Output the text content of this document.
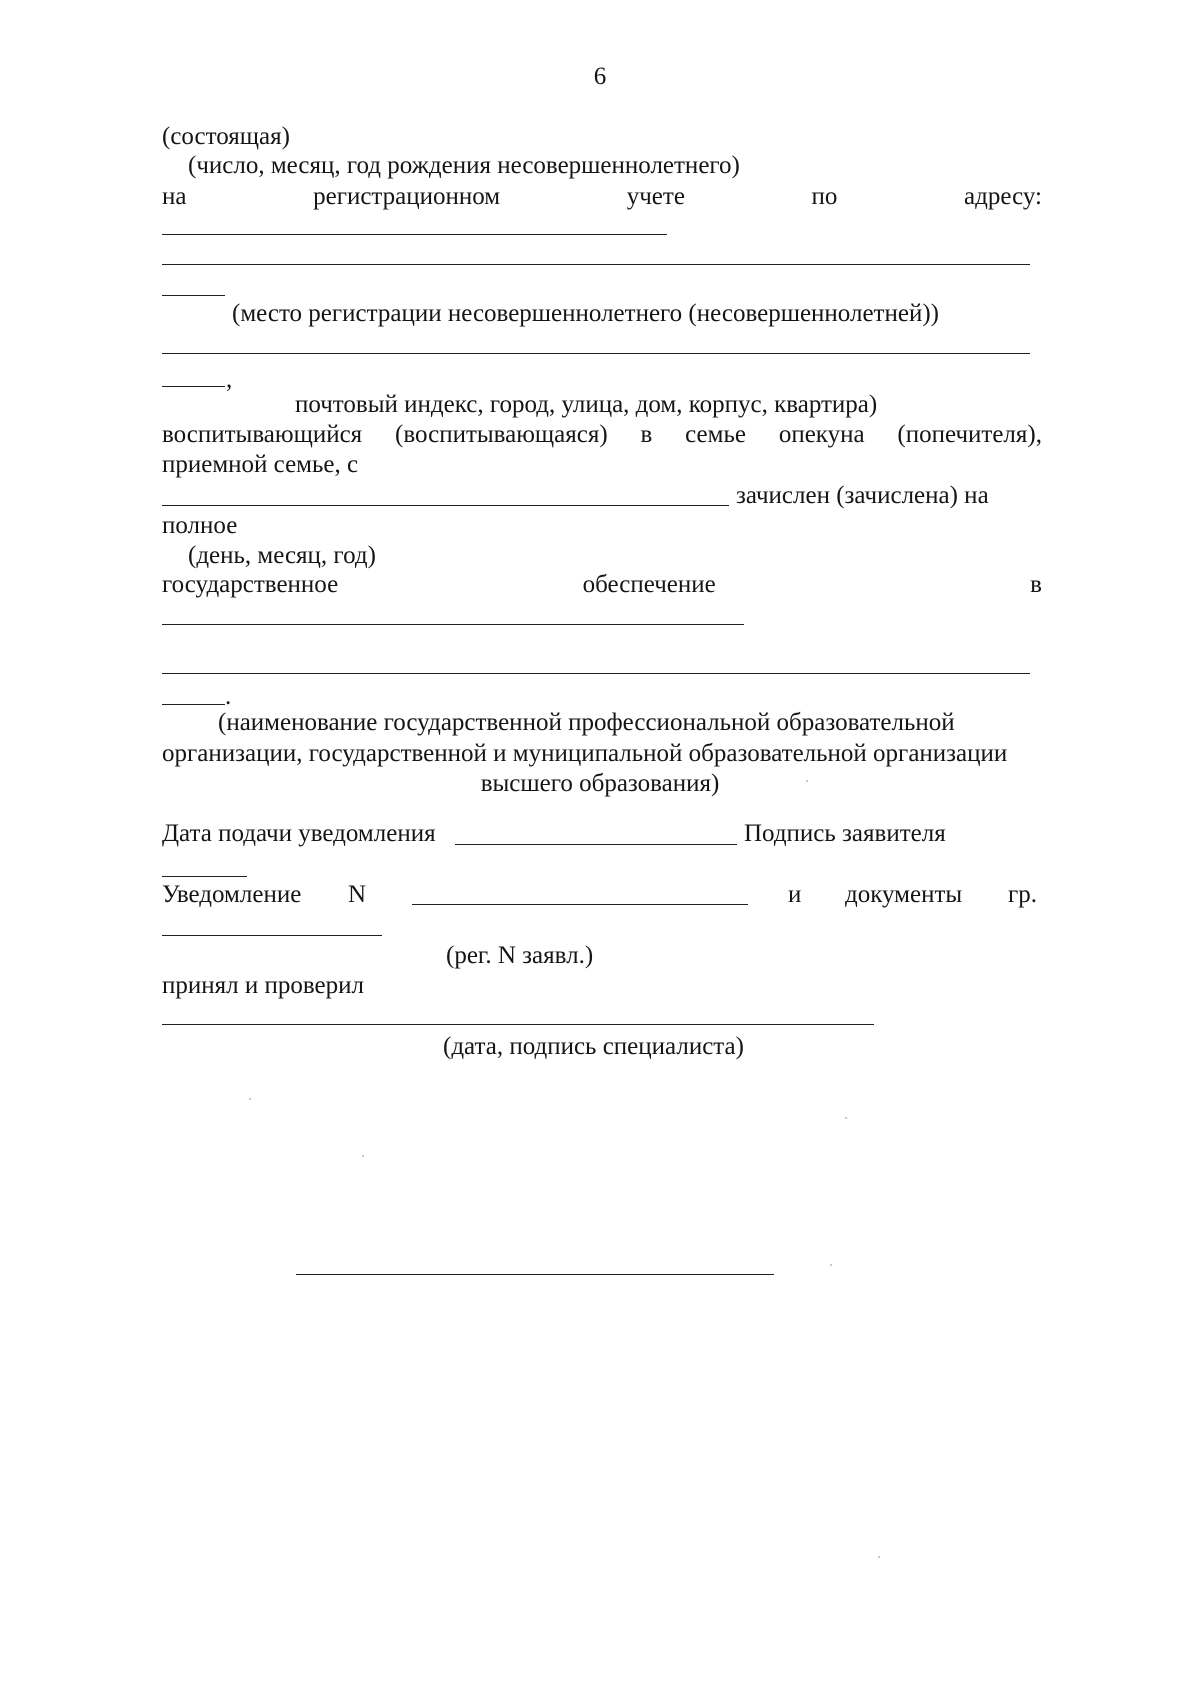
6
(состоящая)
(число, месяц, год рождения несовершеннолетнего)
на	регистрационном	учете	по	адресу:
(место регистрации несовершеннолетнего (несовершеннолетней))
,
почтовый индекс, город, улица, дом, корпус, квартира)
воспитывающийся (воспитывающаяся) в семье опекуна (попечителя),
приемной семье, с
зачислен (зачислена) на
полное
(день, месяц, год)
государственное	обеспечение	в
.
(наименование государственной профессиональной образовательной
организации, государственной и муниципальной образовательной организации
высшего образования)
Дата подачи уведомления	Подпись заявителя
Уведомление N	и документы гр.
(рег. N заявл.)
принял и проверил
(дата, подпись специалиста)
